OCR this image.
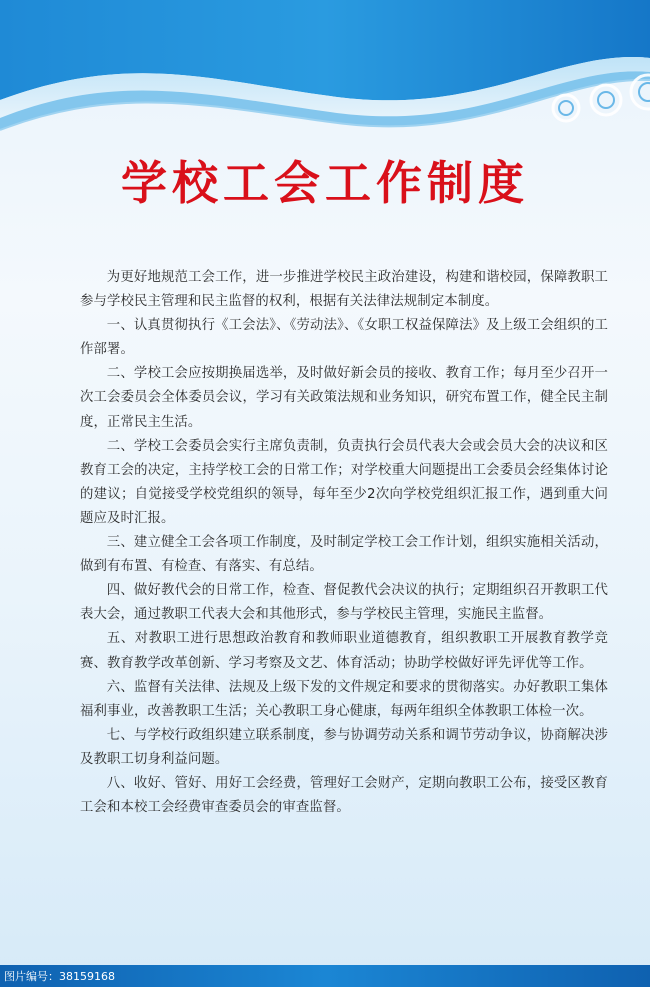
学校工会工作制度

为更好地规范工会工作，进一步推进学校民主政治建设，构建和谐校园，保障教职工参与学校民主管理和民主监督的权利，根据有关法律法规制定本制度。

一、认真贯彻执行《工会法》、《劳动法》、《女职工权益保障法》及上级工会组织的工作部署。

二、学校工会应按期换届选举，及时做好新会员的接收、教育工作；每月至少召开一次工会委员会全体委员会议，学习有关政策法规和业务知识，研究布置工作，健全民主制度，正常民主生活。

二、学校工会委员会实行主席负责制，负责执行会员代表大会或会员大会的决议和区教育工会的决定，主持学校工会的日常工作；对学校重大问题提出工会委员会经集体讨论的建议；自觉接受学校党组织的领导，每年至少2次向学校党组织汇报工作，遇到重大问题应及时汇报。

三、建立健全工会各项工作制度，及时制定学校工会工作计划，组织实施相关活动，做到有布置、有检查、有落实、有总结。

四、做好教代会的日常工作，检查、督促教代会决议的执行；定期组织召开教职工代表大会，通过教职工代表大会和其他形式，参与学校民主管理，实施民主监督。

五、对教职工进行思想政治教育和教师职业道德教育，组织教职工开展教育教学竞赛、教育教学改革创新、学习考察及文艺、体育活动；协助学校做好评先评优等工作。

六、监督有关法律、法规及上级下发的文件规定和要求的贯彻落实。办好教职工集体福利事业，改善教职工生活；关心教职工身心健康，每两年组织全体教职工体检一次。

七、与学校行政组织建立联系制度，参与协调劳动关系和调节劳动争议，协商解决涉及教职工切身利益问题。

八、收好、管好、用好工会经费，管理好工会财产，定期向教职工公布，接受区教育工会和本校工会经费审查委员会的审查监督。

图片编号：38159168
